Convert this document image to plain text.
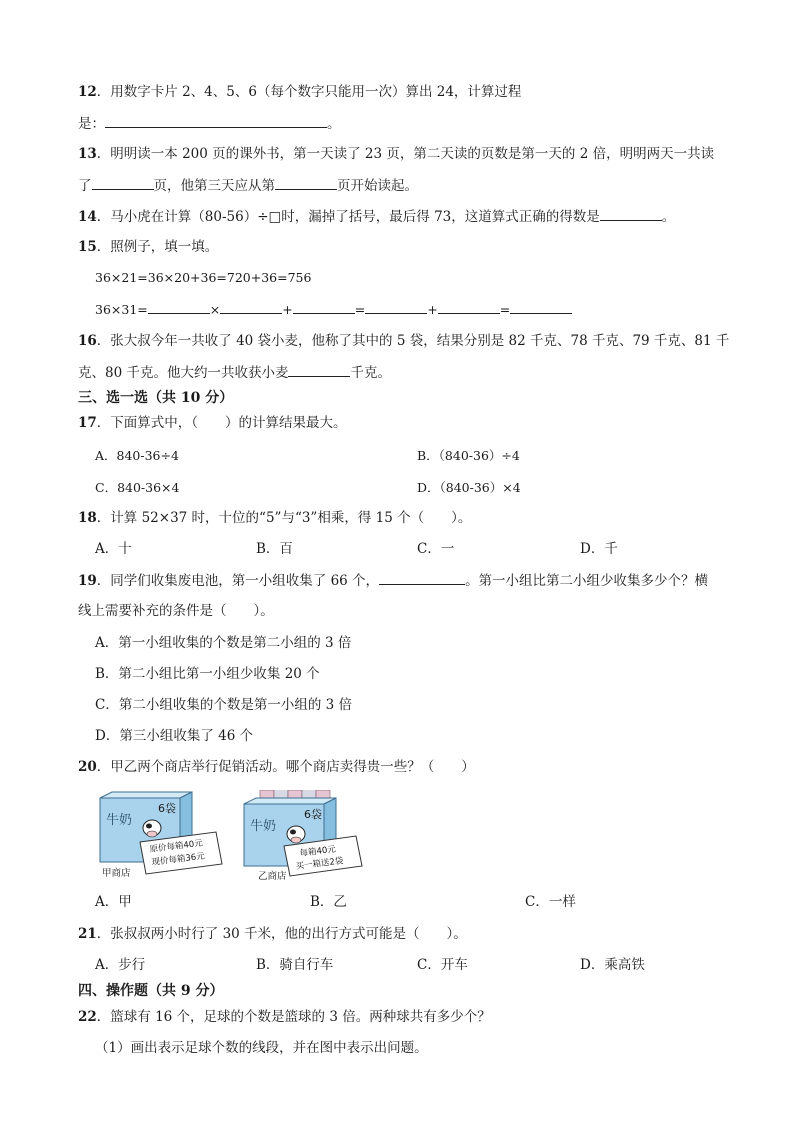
12．用数字卡片 2、4、5、6（每个数字只能用一次）算出 24，计算过程
是：	。
13．明明读一本 200 页的课外书，第一天读了 23 页，第二天读的页数是第一天的 2 倍，明明两天一共读
了	页，他第三天应从第	页开始读起。
14．马小虎在计算（80-56）÷□时，漏掉了括号，最后得 73，这道算式正确的得数是	。
15．照例子，填一填。
36×21=36×20+36=720+36=756
36×31=	×	+	=	+	=
16．张大叔今年一共收了 40 袋小麦，他称了其中的 5 袋，结果分别是 82 千克、78 千克、79 千克、81 千
克、80 千克。他大约一共收获小麦	千克。
三、选一选（共 10 分）
17．下面算式中，（　　）的计算结果最大。
A．840-36÷4	B．（840-36）÷4
C．840-36×4	D．（840-36）×4
18．计算 52×37 时，十位的“5”与“3”相乘，得 15 个（　　）。
A．十	B．百	C．一	D．千
19．同学们收集废电池，第一小组收集了 66 个，	。第一小组比第二小组少收集多少个？横
线上需要补充的条件是（　　）。
A．第一小组收集的个数是第二小组的 3 倍
B．第二小组比第一小组少收集 20 个
C．第二小组收集的个数是第一小组的 3 倍
D．第三小组收集了 46 个
20．甲乙两个商店举行促销活动。哪个商店卖得贵一些？（　　）
牛奶
6袋
原价每箱40元
现价每箱36元
甲商店
牛奶
6袋
每箱40元
买一箱送2袋
乙商店
A．甲	B．乙	C．一样
21．张叔叔两小时行了 30 千米，他的出行方式可能是（　　）。
A．步行	B．骑自行车	C．开车	D．乘高铁
四、操作题（共 9 分）
22．篮球有 16 个，足球的个数是篮球的 3 倍。两种球共有多少个？
（1）画出表示足球个数的线段，并在图中表示出问题。
